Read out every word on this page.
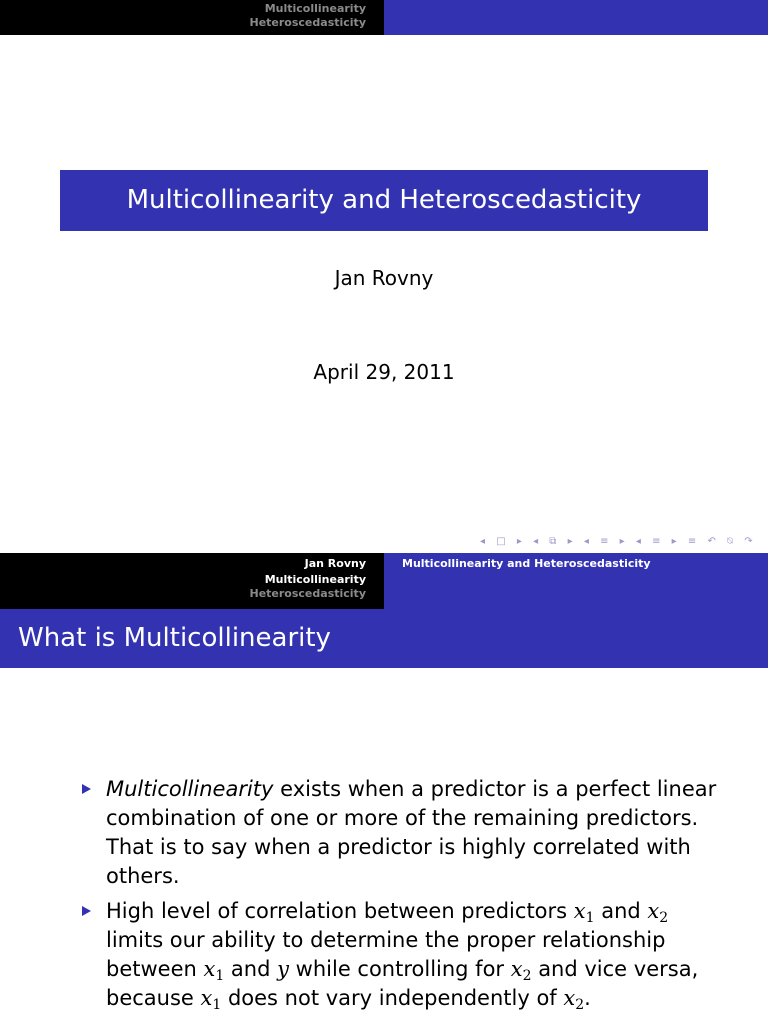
Multicollinearity
Heteroscedasticity
Multicollinearity and Heteroscedasticity
Jan Rovny
April 29, 2011
◂ □ ▸ ◂ ⧉ ▸ ◂ ≡ ▸ ◂ ≡ ▸ ≡ ↶ ⍉ ↷
Jan Rovny
Multicollinearity
Heteroscedasticity
Multicollinearity and Heteroscedasticity
What is Multicollinearity
Multicollinearity exists when a predictor is a perfect linear combination of one or more of the remaining predictors. That is to say when a predictor is highly correlated with others.
High level of correlation between predictors $x_1$ and $x_2$ limits our ability to determine the proper relationship between $x_1$ and y while controlling for $x_2$ and vice versa, because $x_1$ does not vary independently of $x_2$.
